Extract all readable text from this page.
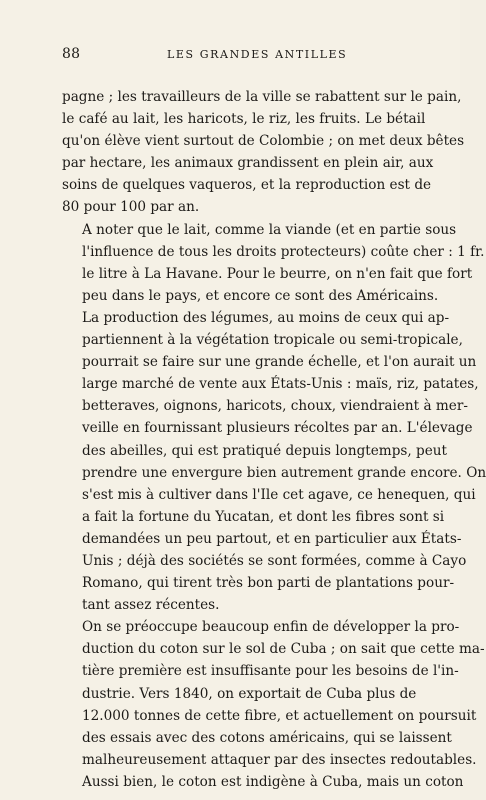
88	LES GRANDES ANTILLES
pagne ; les travailleurs de la ville se rabattent sur le pain,
le café au lait, les haricots, le riz, les fruits. Le bétail
qu'on élève vient surtout de Colombie ; on met deux bêtes
par hectare, les animaux grandissent en plein air, aux
soins de quelques vaqueros, et la reproduction est de
80 pour 100 par an.
A noter que le lait, comme la viande (et en partie sous
l'influence de tous les droits protecteurs) coûte cher : 1 fr.
le litre à La Havane. Pour le beurre, on n'en fait que fort
peu dans le pays, et encore ce sont des Américains.
La production des légumes, au moins de ceux qui ap-
partiennent à la végétation tropicale ou semi-tropicale,
pourrait se faire sur une grande échelle, et l'on aurait un
large marché de vente aux États-Unis : maïs, riz, patates,
betteraves, oignons, haricots, choux, viendraient à mer-
veille en fournissant plusieurs récoltes par an. L'élevage
des abeilles, qui est pratiqué depuis longtemps, peut
prendre une envergure bien autrement grande encore. On
s'est mis à cultiver dans l'Ile cet agave, ce henequen, qui
a fait la fortune du Yucatan, et dont les fibres sont si
demandées un peu partout, et en particulier aux États-
Unis ; déjà des sociétés se sont formées, comme à Cayo
Romano, qui tirent très bon parti de plantations pour-
tant assez récentes.
On se préoccupe beaucoup enfin de développer la pro-
duction du coton sur le sol de Cuba ; on sait que cette ma-
tière première est insuffisante pour les besoins de l'in-
dustrie. Vers 1840, on exportait de Cuba plus de
12.000 tonnes de cette fibre, et actuellement on poursuit
des essais avec des cotons américains, qui se laissent
malheureusement attaquer par des insectes redoutables.
Aussi bien, le coton est indigène à Cuba, mais un coton
